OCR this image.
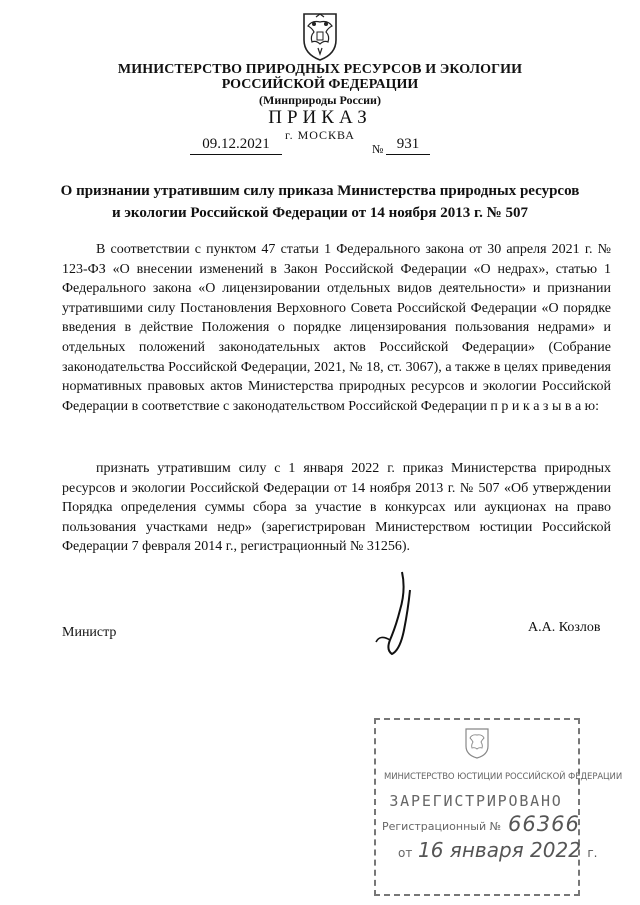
МИНИСТЕРСТВО ПРИРОДНЫХ РЕСУРСОВ И ЭКОЛОГИИ
РОССИЙСКОЙ ФЕДЕРАЦИИ
(Минприроды России)
ПРИКАЗ
г. МОСКВА
09.12.2021	№ 931
О признании утратившим силу приказа Министерства природных ресурсов
и экологии Российской Федерации от 14 ноября 2013 г. № 507
В соответствии с пунктом 47 статьи 1 Федерального закона от 30 апреля 2021 г. № 123-ФЗ «О внесении изменений в Закон Российской Федерации «О недрах», статью 1 Федерального закона «О лицензировании отдельных видов деятельности» и признании утратившими силу Постановления Верховного Совета Российской Федерации «О порядке введения в действие Положения о порядке лицензирования пользования недрами» и отдельных положений законодательных актов Российской Федерации» (Собрание законодательства Российской Федерации, 2021, № 18, ст. 3067), а также в целях приведения нормативных правовых актов Министерства природных ресурсов и экологии Российской Федерации в соответствие с законодательством Российской Федерации п р и к а з ы в а ю:
признать утратившим силу с 1 января 2022 г. приказ Министерства природных ресурсов и экологии Российской Федерации от 14 ноября 2013 г. № 507 «Об утверждении Порядка определения суммы сбора за участие в конкурсах или аукционах на право пользования участками недр» (зарегистрирован Министерством юстиции Российской Федерации 7 февраля 2014 г., регистрационный № 31256).
Министр	А.А. Козлов
МИНИСТЕРСТВО ЮСТИЦИИ РОССИЙСКОЙ ФЕДЕРАЦИИ
ЗАРЕГИСТРИРОВАНО
Регистрационный № 66366
от 16 января 2022 г.
